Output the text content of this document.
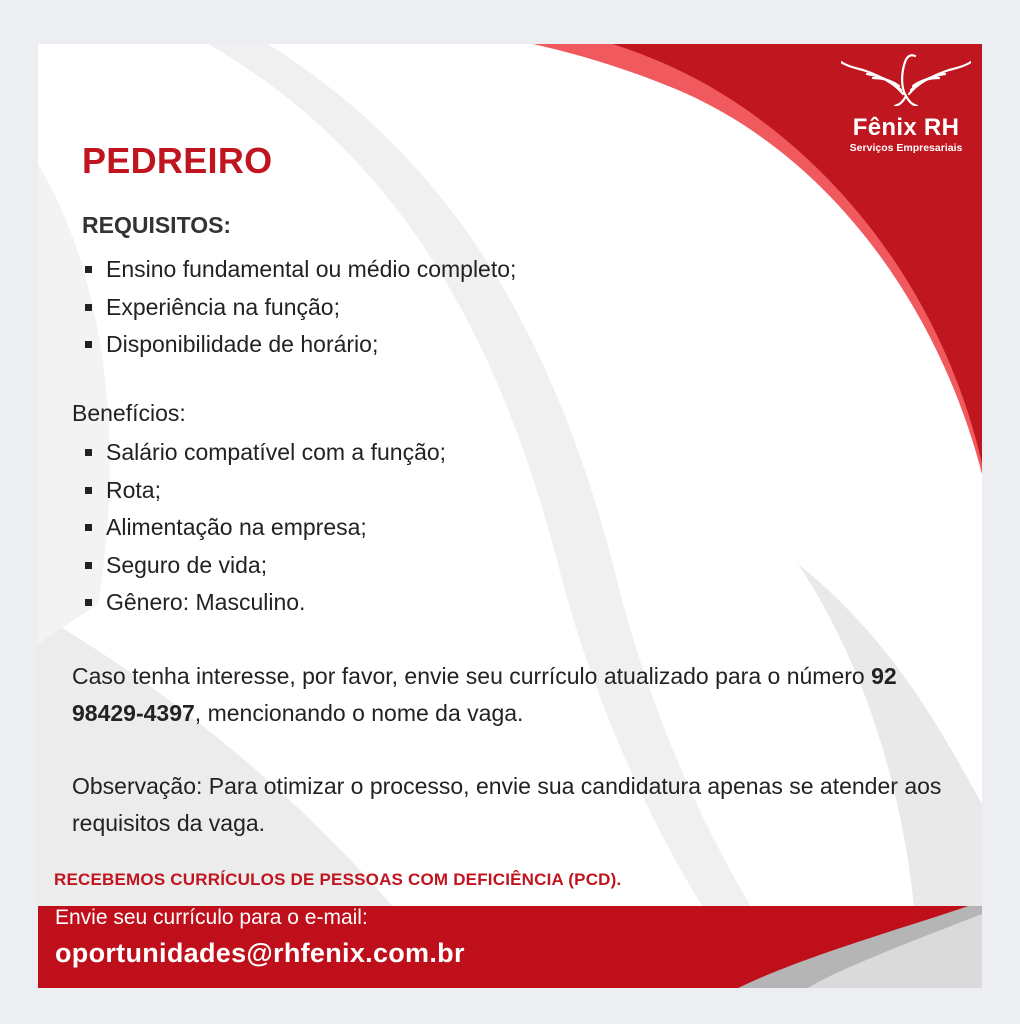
Fênix RH
Serviços Empresariais
PEDREIRO
REQUISITOS:
Ensino fundamental ou médio completo;
Experiência na função;
Disponibilidade de horário;
Benefícios:
Salário compatível com a função;
Rota;
Alimentação na empresa;
Seguro de vida;
Gênero: Masculino.
Caso tenha interesse, por favor, envie seu currículo atualizado para o número 92 98429-4397, mencionando o nome da vaga.
Observação: Para otimizar o processo, envie sua candidatura apenas se atender aos requisitos da vaga.
RECEBEMOS CURRÍCULOS DE PESSOAS COM DEFICIÊNCIA (PCD).
Envie seu currículo para o e-mail:
oportunidades@rhfenix.com.br
